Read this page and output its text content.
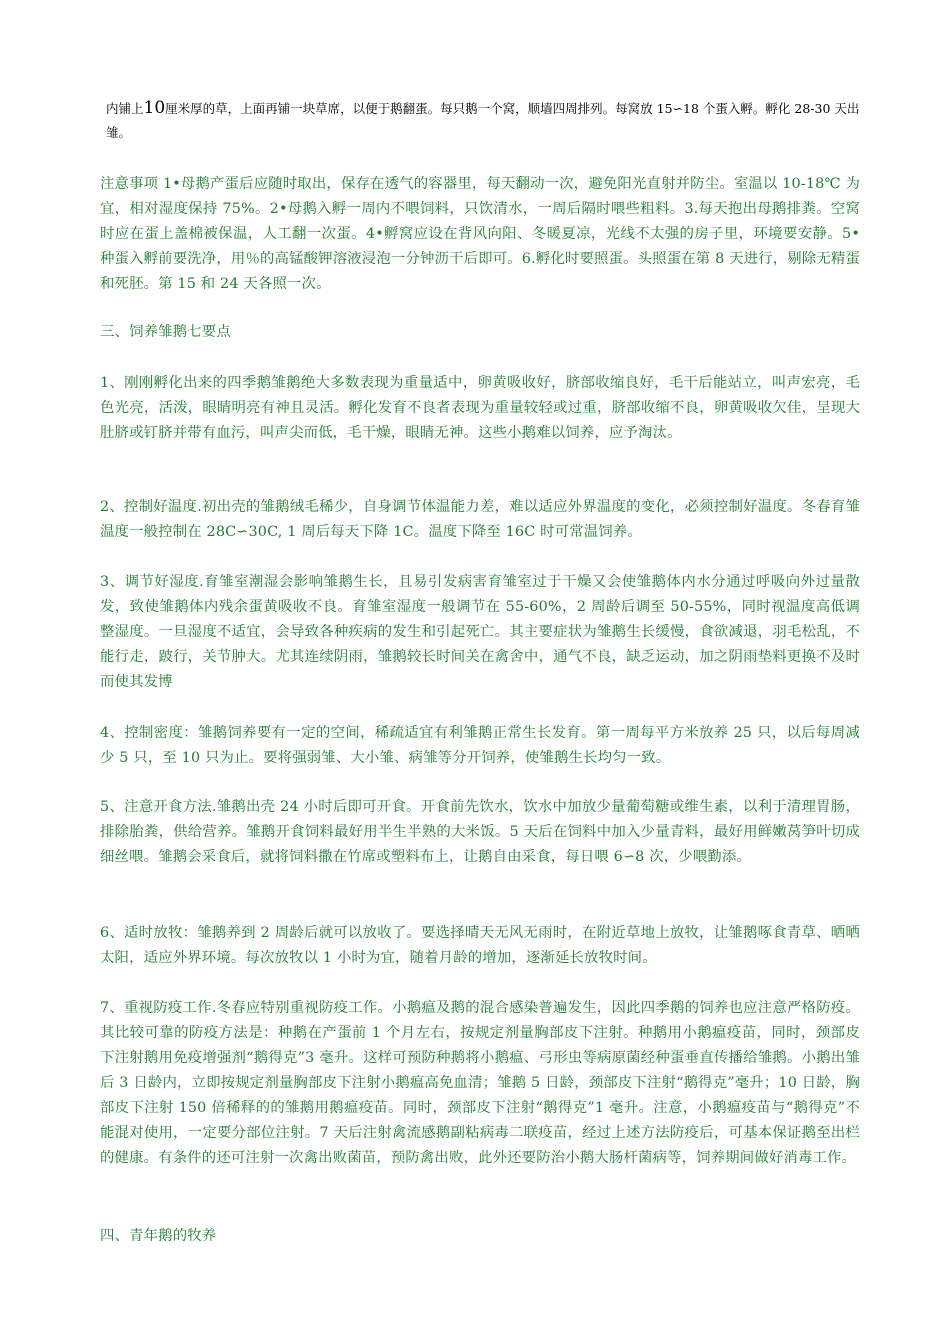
内铺上10厘米厚的草，上面再铺一块草席，以便于鹅翻蛋。每只鹅一个窝，顺墙四周排列。每窝放 15∽18 个蛋入孵。孵化 28-30 天出雏。

注意事项 1•母鹅产蛋后应随时取出，保存在透气的容器里，每天翻动一次，避免阳光直射并防尘。室温以 10-18℃ 为宜，相对湿度保持 75%。2•母鹅入孵一周内不喂饲料，只饮清水，一周后隔时喂些粗料。3.每天抱出母鹅排粪。空窝时应在蛋上盖棉被保温，人工翻一次蛋。4•孵窝应设在背风向阳、冬暖夏凉，光线不太强的房子里，环境要安静。5•种蛋入孵前要洗净，用％的高锰酸钾溶液浸泡一分钟沥干后即可。6.孵化时要照蛋。头照蛋在第 8 天进行，剔除无精蛋和死胚。第 15 和 24 天各照一次。

三、饲养雏鹅七要点

1、刚刚孵化出来的四季鹅雏鹅绝大多数表现为重量适中，卵黄吸收好，脐部收缩良好，毛干后能站立，叫声宏亮，毛色光亮，活泼，眼睛明亮有神且灵活。孵化发育不良者表现为重量较轻或过重，脐部收缩不良，卵黄吸收欠佳，呈现大肚脐或钉脐并带有血污，叫声尖而低，毛干燥，眼睛无神。这些小鹅难以饲养，应予淘汰。

2、控制好温度.初出壳的雏鹅绒毛稀少，自身调节体温能力差，难以适应外界温度的变化，必须控制好温度。冬春育雏温度一般控制在 28C∽30C, 1 周后每天下降 1C。温度下降至 16C 时可常温饲养。

3、调节好湿度.育雏室潮湿会影响雏鹅生长，且易引发病害育雏室过于干燥又会使雏鹅体内水分通过呼吸向外过量散发，致使雏鹅体内残余蛋黄吸收不良。育雏室湿度一般调节在 55-60%，2 周龄后调至 50-55%，同时视温度高低调整湿度。一旦湿度不适宜，会导致各种疾病的发生和引起死亡。其主要症状为雏鹅生长缓慢，食欲减退，羽毛松乱，不能行走，跛行，关节肿大。尤其连续阴雨，雏鹅较长时间关在禽舍中，通气不良，缺乏运动，加之阴雨垫料更换不及时而使其发博

4、控制密度：雏鹅饲养要有一定的空间，稀疏适宜有利雏鹅正常生长发育。第一周每平方米放养 25 只，以后每周减少 5 只，至 10 只为止。要将强弱雏、大小雏、病雏等分开饲养，使雏鹅生长均匀一致。

5、注意开食方法.雏鹅出壳 24 小时后即可开食。开食前先饮水，饮水中加放少量葡萄糖或维生素，以利于清理胃肠，排除胎粪，供给营养。雏鹅开食饲料最好用半生半熟的大米饭。5 天后在饲料中加入少量青料，最好用鲜嫩莴笋叶切成细丝喂。雏鹅会采食后，就将饲料撒在竹席或塑料布上，让鹅自由采食，每日喂 6∽8 次，少喂勤添。

6、适时放牧：雏鹅养到 2 周龄后就可以放收了。要选择晴天无风无雨时，在附近草地上放牧，让雏鹅啄食青草、晒晒太阳，适应外界环境。每次放牧以 1 小时为宜，随着月龄的增加，逐渐延长放牧时间。

7、重视防疫工作.冬春应特别重视防疫工作。小鹅瘟及鹅的混合感染普遍发生，因此四季鹅的饲养也应注意严格防疫。其比较可靠的防疫方法是：种鹅在产蛋前 1 个月左右，按规定剂量胸部皮下注射。种鹅用小鹅瘟疫苗，同时，颈部皮下注射鹅用免疫增强剂“鹅得克”3 毫升。这样可预防种鹅将小鹅瘟、弓形虫等病原菌经种蛋垂直传播给雏鹅。小鹅出雏后 3 日龄内，立即按规定剂量胸部皮下注射小鹅瘟高免血清；雏鹅 5 日龄，颈部皮下注射“鹅得克”毫升；10 日龄，胸部皮下注射 150 倍稀释的的雏鹅用鹅瘟疫苗。同时，颈部皮下注射“鹅得克”1 毫升。注意，小鹅瘟疫苗与“鹅得克”不能混对使用，一定要分部位注射。7 天后注射禽流感鹅副粘病毒二联疫苗，经过上述方法防疫后，可基本保证鹅至出栏的健康。有条件的还可注射一次禽出败菌苗，预防禽出败，此外还要防治小鹅大肠杆菌病等，饲养期间做好消毒工作。

四、青年鹅的牧养
